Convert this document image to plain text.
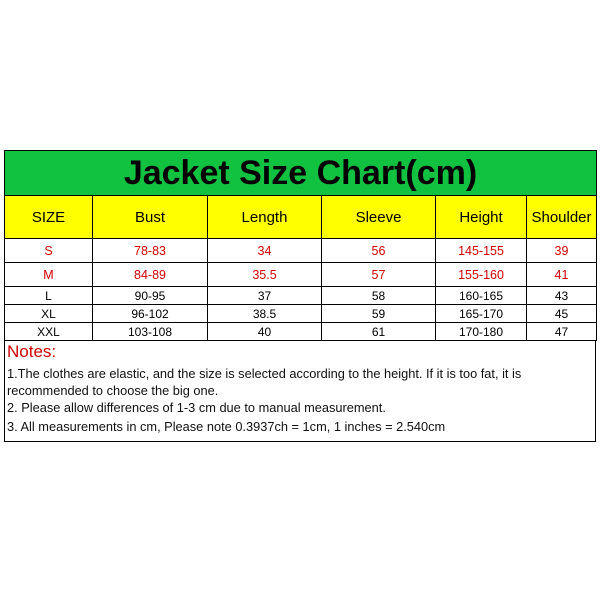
Jacket Size Chart(cm)					
SIZE	Bust	Length	Sleeve	Height	Shoulder
S	78-83	34	56	145-155	39
M	84-89	35.5	57	155-160	41
L	90-95	37	58	160-165	43
XL	96-102	38.5	59	165-170	45
XXL	103-108	40	61	170-180	47
Notes:
1.The clothes are elastic, and the size is selected according to the height. If it is too fat, it is
recommended to choose the big one.
2. Please allow differences of 1-3 cm due to manual measurement.
3. All measurements in cm, Please note 0.3937ch = 1cm, 1 inches = 2.540cm
